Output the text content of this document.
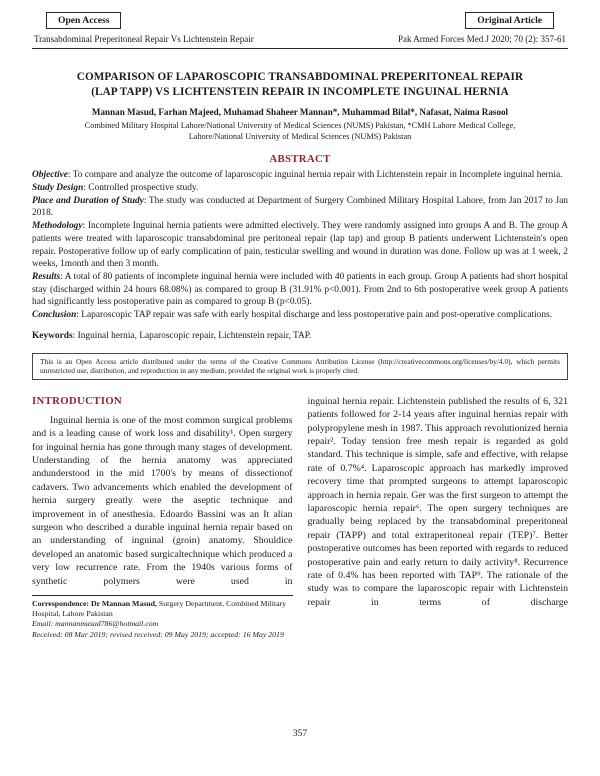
Open Access	Original Article
Transabdominal Preperitoneal Repair Vs Lichtenstein Repair	Pak Armed Forces Med J 2020; 70 (2): 357-61
COMPARISON OF LAPAROSCOPIC TRANSABDOMINAL PREPERITONEAL REPAIR
(LAP TAPP) VS LICHTENSTEIN REPAIR IN INCOMPLETE INGUINAL HERNIA
Mannan Masud, Farhan Majeed, Muhamad Shaheer Mannan*, Muhammad Bilal*, Nafasat, Naima Rasool
Combined Military Hospital Lahore/National University of Medical Sciences (NUMS) Pakistan, *CMH Lahore Medical College,
Lahore/National University of Medical Sciences (NUMS) Pakistan
ABSTRACT

Objective: To compare and analyze the outcome of laparoscopic inguinal hernia repair with Lichtenstein repair in Incomplete inguinal hernia.

Study Design: Controlled prospective study.

Place and Duration of Study: The study was conducted at Department of Surgery Combined Military Hospital Lahore, from Jan 2017 to Jan 2018.

Methodology: Incomplete Inguinal hernia patients were admitted electively. They were randomly assigned into groups A and B. The group A patients were treated with laparoscopic transabdominal pre peritoneal repair (lap tap) and group B patients underwent Lichtenstein's open repair. Postoperative follow up of early complication of pain, testicular swelling and wound in duration was done. Follow up was at 1 week, 2 weeks, 1month and then 3 month.

Results: A total of 80 patients of incomplete inguinal hernia were included with 40 patients in each group. Group A patients had short hospital stay (discharged within 24 hours 68.08%) as compared to group B (31.91% p<0.001). From 2nd to 6th postoperative week group A patients had significantly less postoperative pain as compared to group B (p<0.05).

Conclusion: Laparoscopic TAP repair was safe with early hospital discharge and less postoperative pain and post-operative complications.

Keywords: Inguinal hernia, Laparoscopic repair, Lichtenstein repair, TAP.

This is an Open Access article distributed under the terms of the Creative Commons Attribution License (http://creativecommons.org/licenses/by/4.0), which permits unrestricted use, distribution, and reproduction in any medium, provided the original work is properly cited.
INTRODUCTION

Inguinal hernia is one of the most common surgical problems and is a leading cause of work loss and disability¹. Open surgery for inguinal hernia has gone through many stages of development. Understanding of the hernia anatomy was appreciated andunderstood in the mid 1700's by means of dissectionof cadavers. Two advancements which enabled the development of hernia surgery greatly were the aseptic technique and improvement in of anesthesia. Edoardo Bassini was an It alian surgeon who described a durable inguinal hernia repair based on an understanding of inguinal (groin) anatomy. Shouldice developed an anatomic based surgicaltechnique which produced a very low recurrence rate. From the 1940s various forms of synthetic polymers were used in

Correspondence: Dr Mannan Masud, Surgery Department, Combined Military Hospital, Lahore Pakistan

Email: mannanmasud786@hotmail.com

Received: 08 Mar 2019; revised received: 09 May 2019; accepted: 16 May 2019

inguinal hernia repair. Lichtenstein published the results of 6, 321 patients followed for 2-14 years after inguinal hernias repair with polypropylene mesh in 1987. This approach revolutionized hernia repair². Today tension free mesh repair is regarded as gold standard. This technique is simple, safe and effective, with relapse rate of 0.7%⁴. Laparoscopic approach has markedly improved recovery time that prompted surgeons to attempt laparoscopic approach in hernia repair. Ger was the first surgeon to attempt the laparoscopic hernia repair⁶. The open surgery techniques are gradually being replaced by the transabdominal preperitoneal repair (TAPP) and total extraperitoneal repair (TEP)⁷. Better postoperative outcomes has been reported with regards to reduced postoperative pain and early return to daily activity⁸. Recurrence rate of 0.4% has been reported with TAP⁹. The rationale of the study was to compare the laparoscopic repair with Lichtenstein repair in terms of discharge

357
